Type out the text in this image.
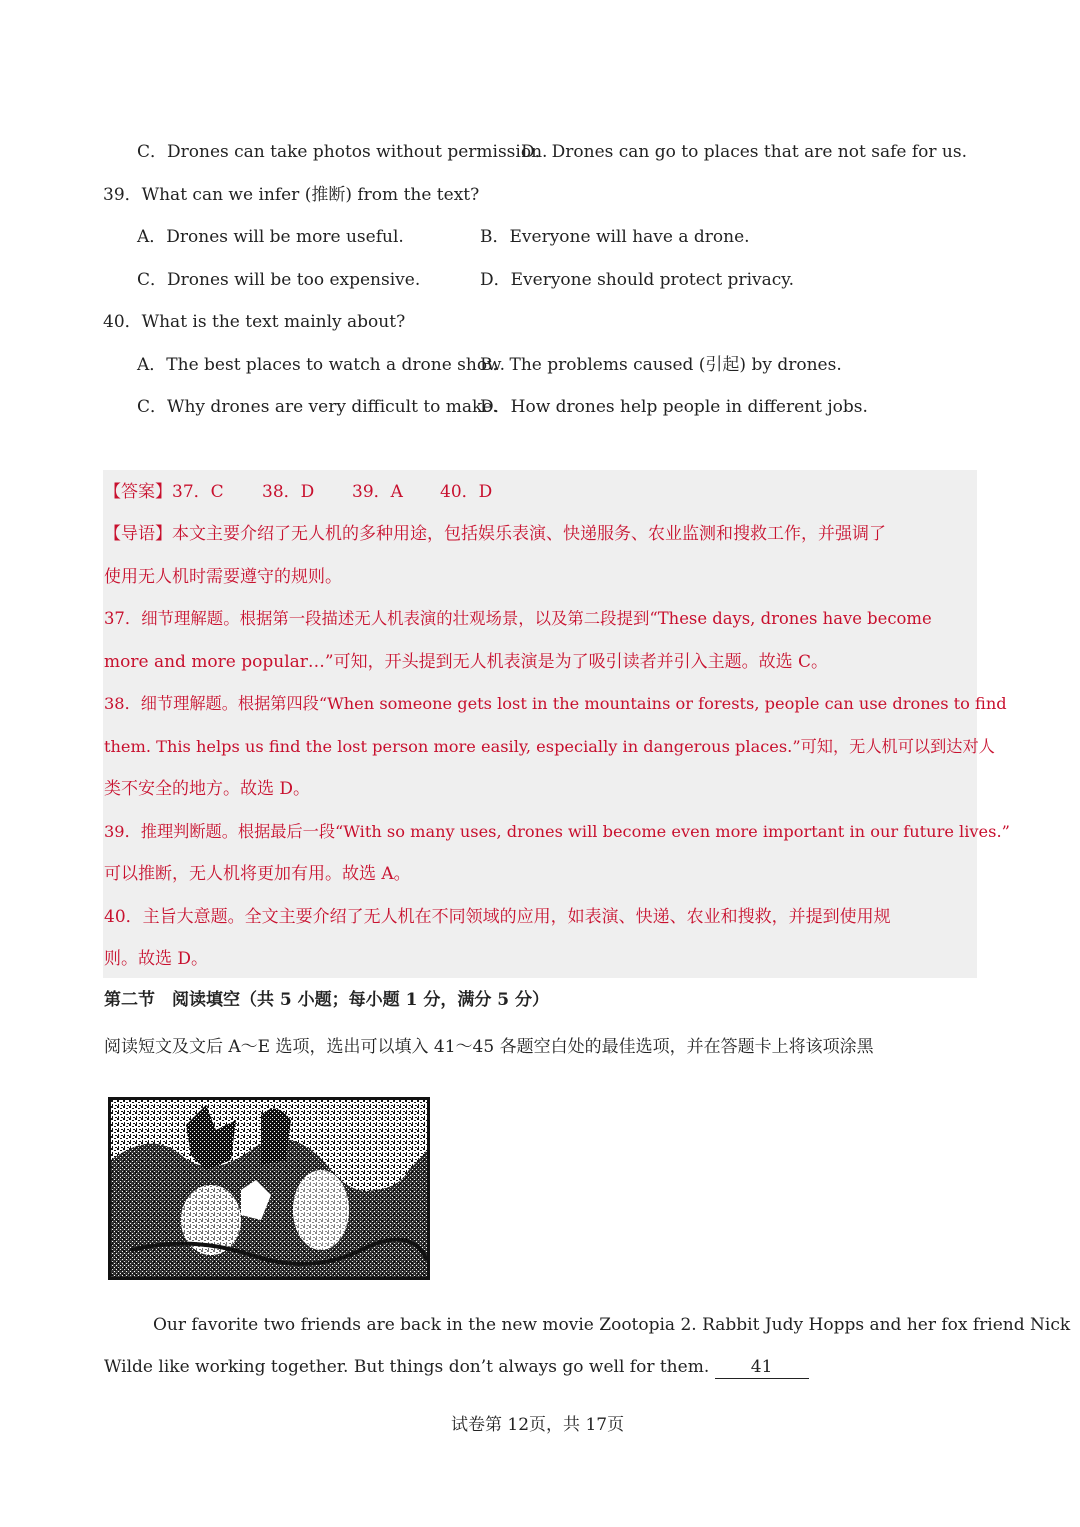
C．Drones can take photos without permission.
D．Drones can go to places that are not safe for us.
39．What can we infer (推断) from the text?
A．Drones will be more useful.	B．Everyone will have a drone.
C．Drones will be too expensive.	D．Everyone should protect privacy.
40．What is the text mainly about?
A．The best places to watch a drone show.
B．The problems caused (引起) by drones.
C．Why drones are very difficult to make.
D．How drones help people in different jobs.
【答案】37．C 38．D 39．A 40．D
【导语】本文主要介绍了无人机的多种用途，包括娱乐表演、快递服务、农业监测和搜救工作，并强调了
使用无人机时需要遵守的规则。
37．细节理解题。根据第一段描述无人机表演的壮观场景，以及第二段提到“These days, drones have become
more and more popular…”可知，开头提到无人机表演是为了吸引读者并引入主题。故选 C。
38．细节理解题。根据第四段“When someone gets lost in the mountains or forests, people can use drones to find
them. This helps us find the lost person more easily, especially in dangerous places.”可知，无人机可以到达对人
类不安全的地方。故选 D。
39．推理判断题。根据最后一段“With so many uses, drones will become even more important in our future lives.”
可以推断，无人机将更加有用。故选 A。
40．主旨大意题。全文主要介绍了无人机在不同领域的应用，如表演、快递、农业和搜救，并提到使用规
则。故选 D。
第二节　阅读填空（共 5 小题；每小题 1 分，满分 5 分）
阅读短文及文后 A～E 选项，选出可以填入 41～45 各题空白处的最佳选项，并在答题卡上将该项涂黑
Our favorite two friends are back in the new movie Zootopia 2. Rabbit Judy Hopps and her fox friend Nick
Wilde like working together. But things don’t always go well for them. 41
试卷第 12页，共 17页
